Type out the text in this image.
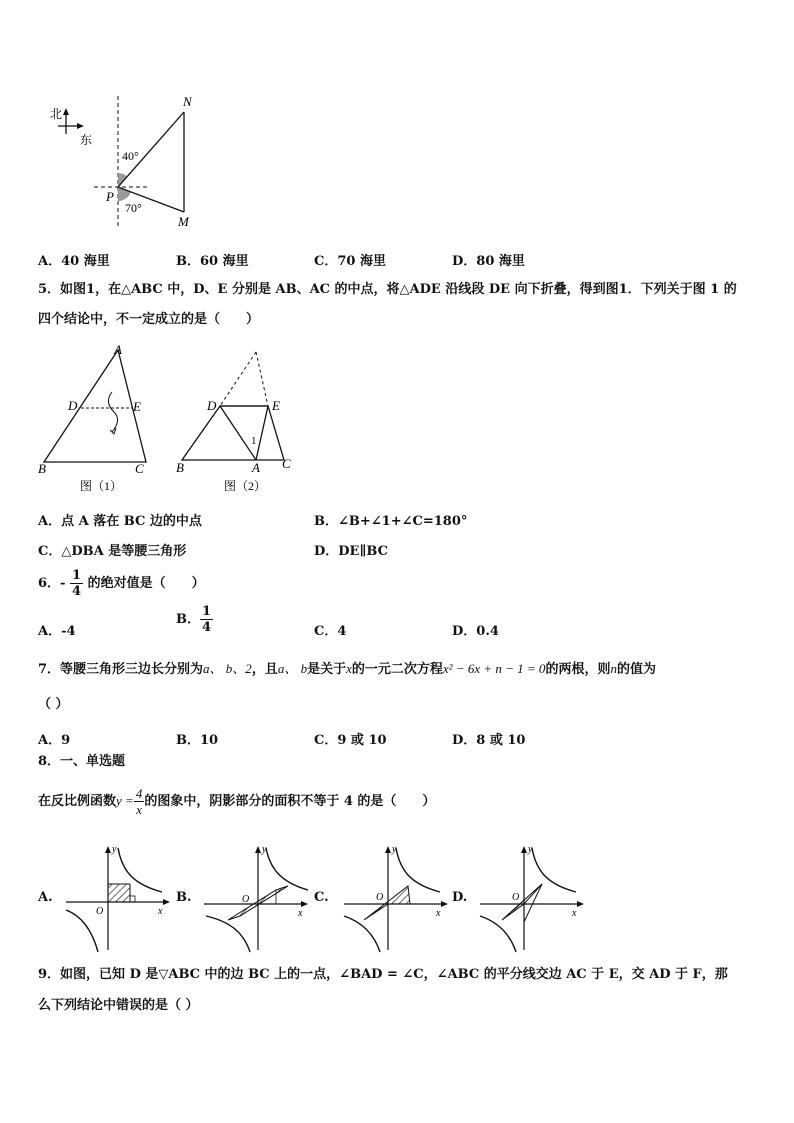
北
东
40°
70°
P
N
M
A．40 海里	B．60 海里	C．70 海里	D．80 海里
5．如图1，在△ABC 中，D、E 分别是 AB、AC 的中点，将△ADE 沿线段 DE 向下折叠，得到图1．下列关于图 1 的
四个结论中，不一定成立的是（　　）
A
D	E
B	C
图（1）
D	E
1
B	A C
图（2）
A．点 A 落在 BC 边的中点	B．∠B+∠1+∠C=180°
C．△DBA 是等腰三角形	D．DE∥BC
6．- $\frac{1}{4}$ 的绝对值是（　　）
A．-4
B． $\frac{1}{4}$	C．4	D．0.4
7．等腰三角形三边长分别为a、 b、2，且a、 b是关于x的一元二次方程x² − 6x + n − 1 = 0的两根，则n的值为
（ ）
A．9	B．10	C．9 或 10	D．8 或 10
8．一、单选题
在反比例函数$y = \frac{4}{x}$ 的图象中，阴影部分的面积不等于 4 的是（　　）
A.
y
x
O
B.
y
x
O	C.
y
x
O	D.
y
x
O
9．如图，已知 D 是▽ABC 中的边 BC 上的一点，∠BAD = ∠C，∠ABC 的平分线交边 AC 于 E，交 AD 于 F，那
么下列结论中错误的是（ ）
